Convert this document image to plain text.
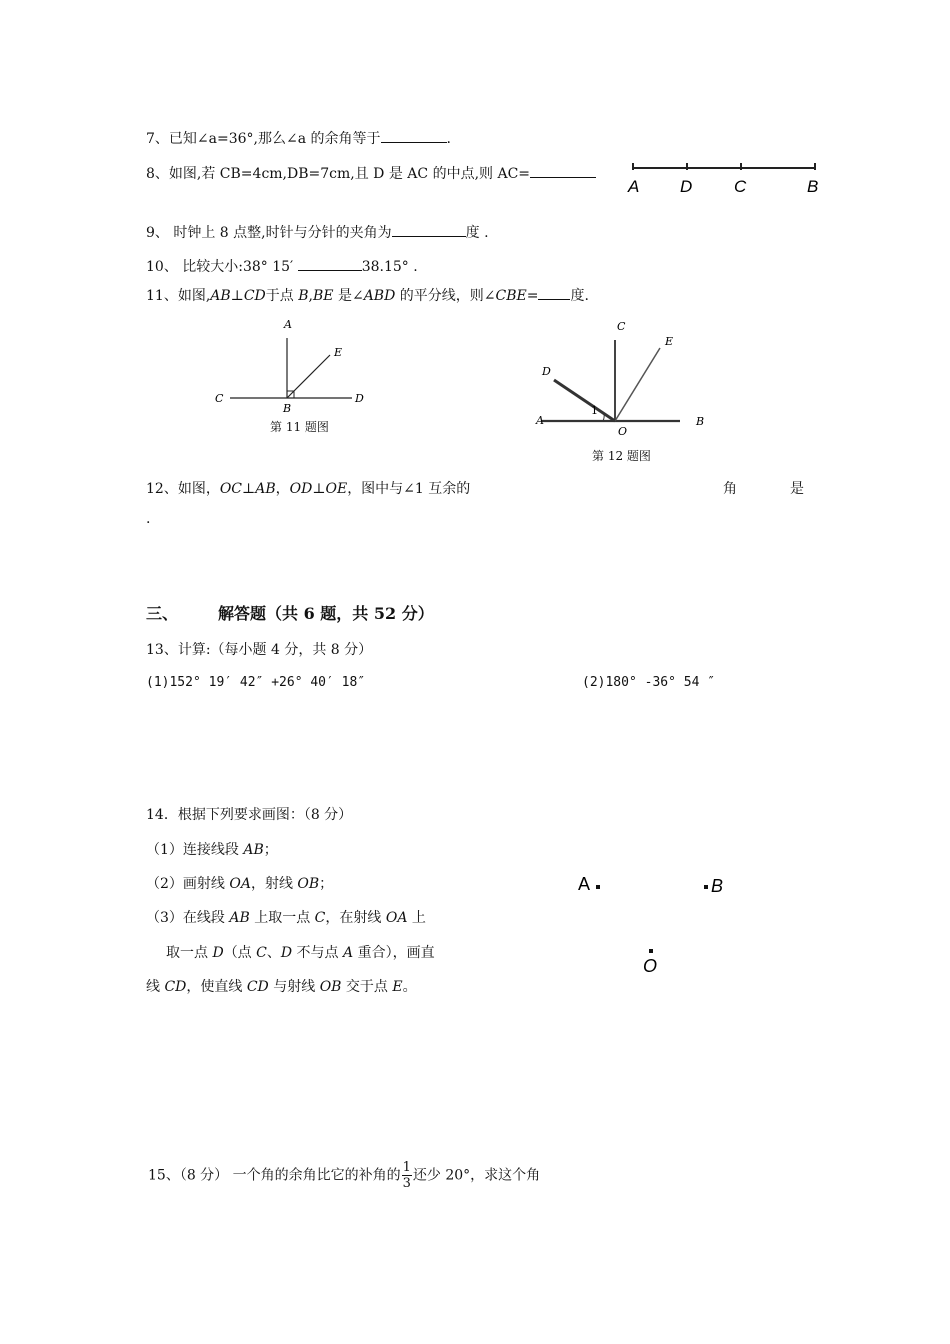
7、已知∠a=36°,那么∠a 的余角等于	.
8、如图,若 CB=4cm,DB=7cm,且 D 是 AC 的中点,则 AC=
A D C	B
9、 时钟上 8 点整,时针与分针的夹角为	度 .
10、 比较大小:38° 15′	38.15° .
11、如图,AB⊥CD于点 B,BE 是∠ABD 的平分线，则∠CBE= 度.
A
E
C
B
D
第 11 题图
C
E
D
1
A
O
B
第 12 题图
12、如图，OC⊥AB，OD⊥OE，图中与∠1 互余的	角	是
.
三、	解答题（共 6 题，共 52 分）
13、计算:（每小题 4 分，共 8 分）
(1)152° 19′ 42″ +26° 40′ 18″	(2)180° -36° 54 ″
14．根据下列要求画图：（8 分）
（1）连接线段 AB；
（2）画射线 OA，射线 OB；
（3）在线段 AB 上取一点 C，在射线 OA 上
取一点 D（点 C、D 不与点 A 重合），画直
线 CD，使直线 CD 与射线 OB 交于点 E。
A	B
O
15、（8 分） 一个角的余角比它的补角的 $\frac{1}{3}$ 还少 20°，求这个角
